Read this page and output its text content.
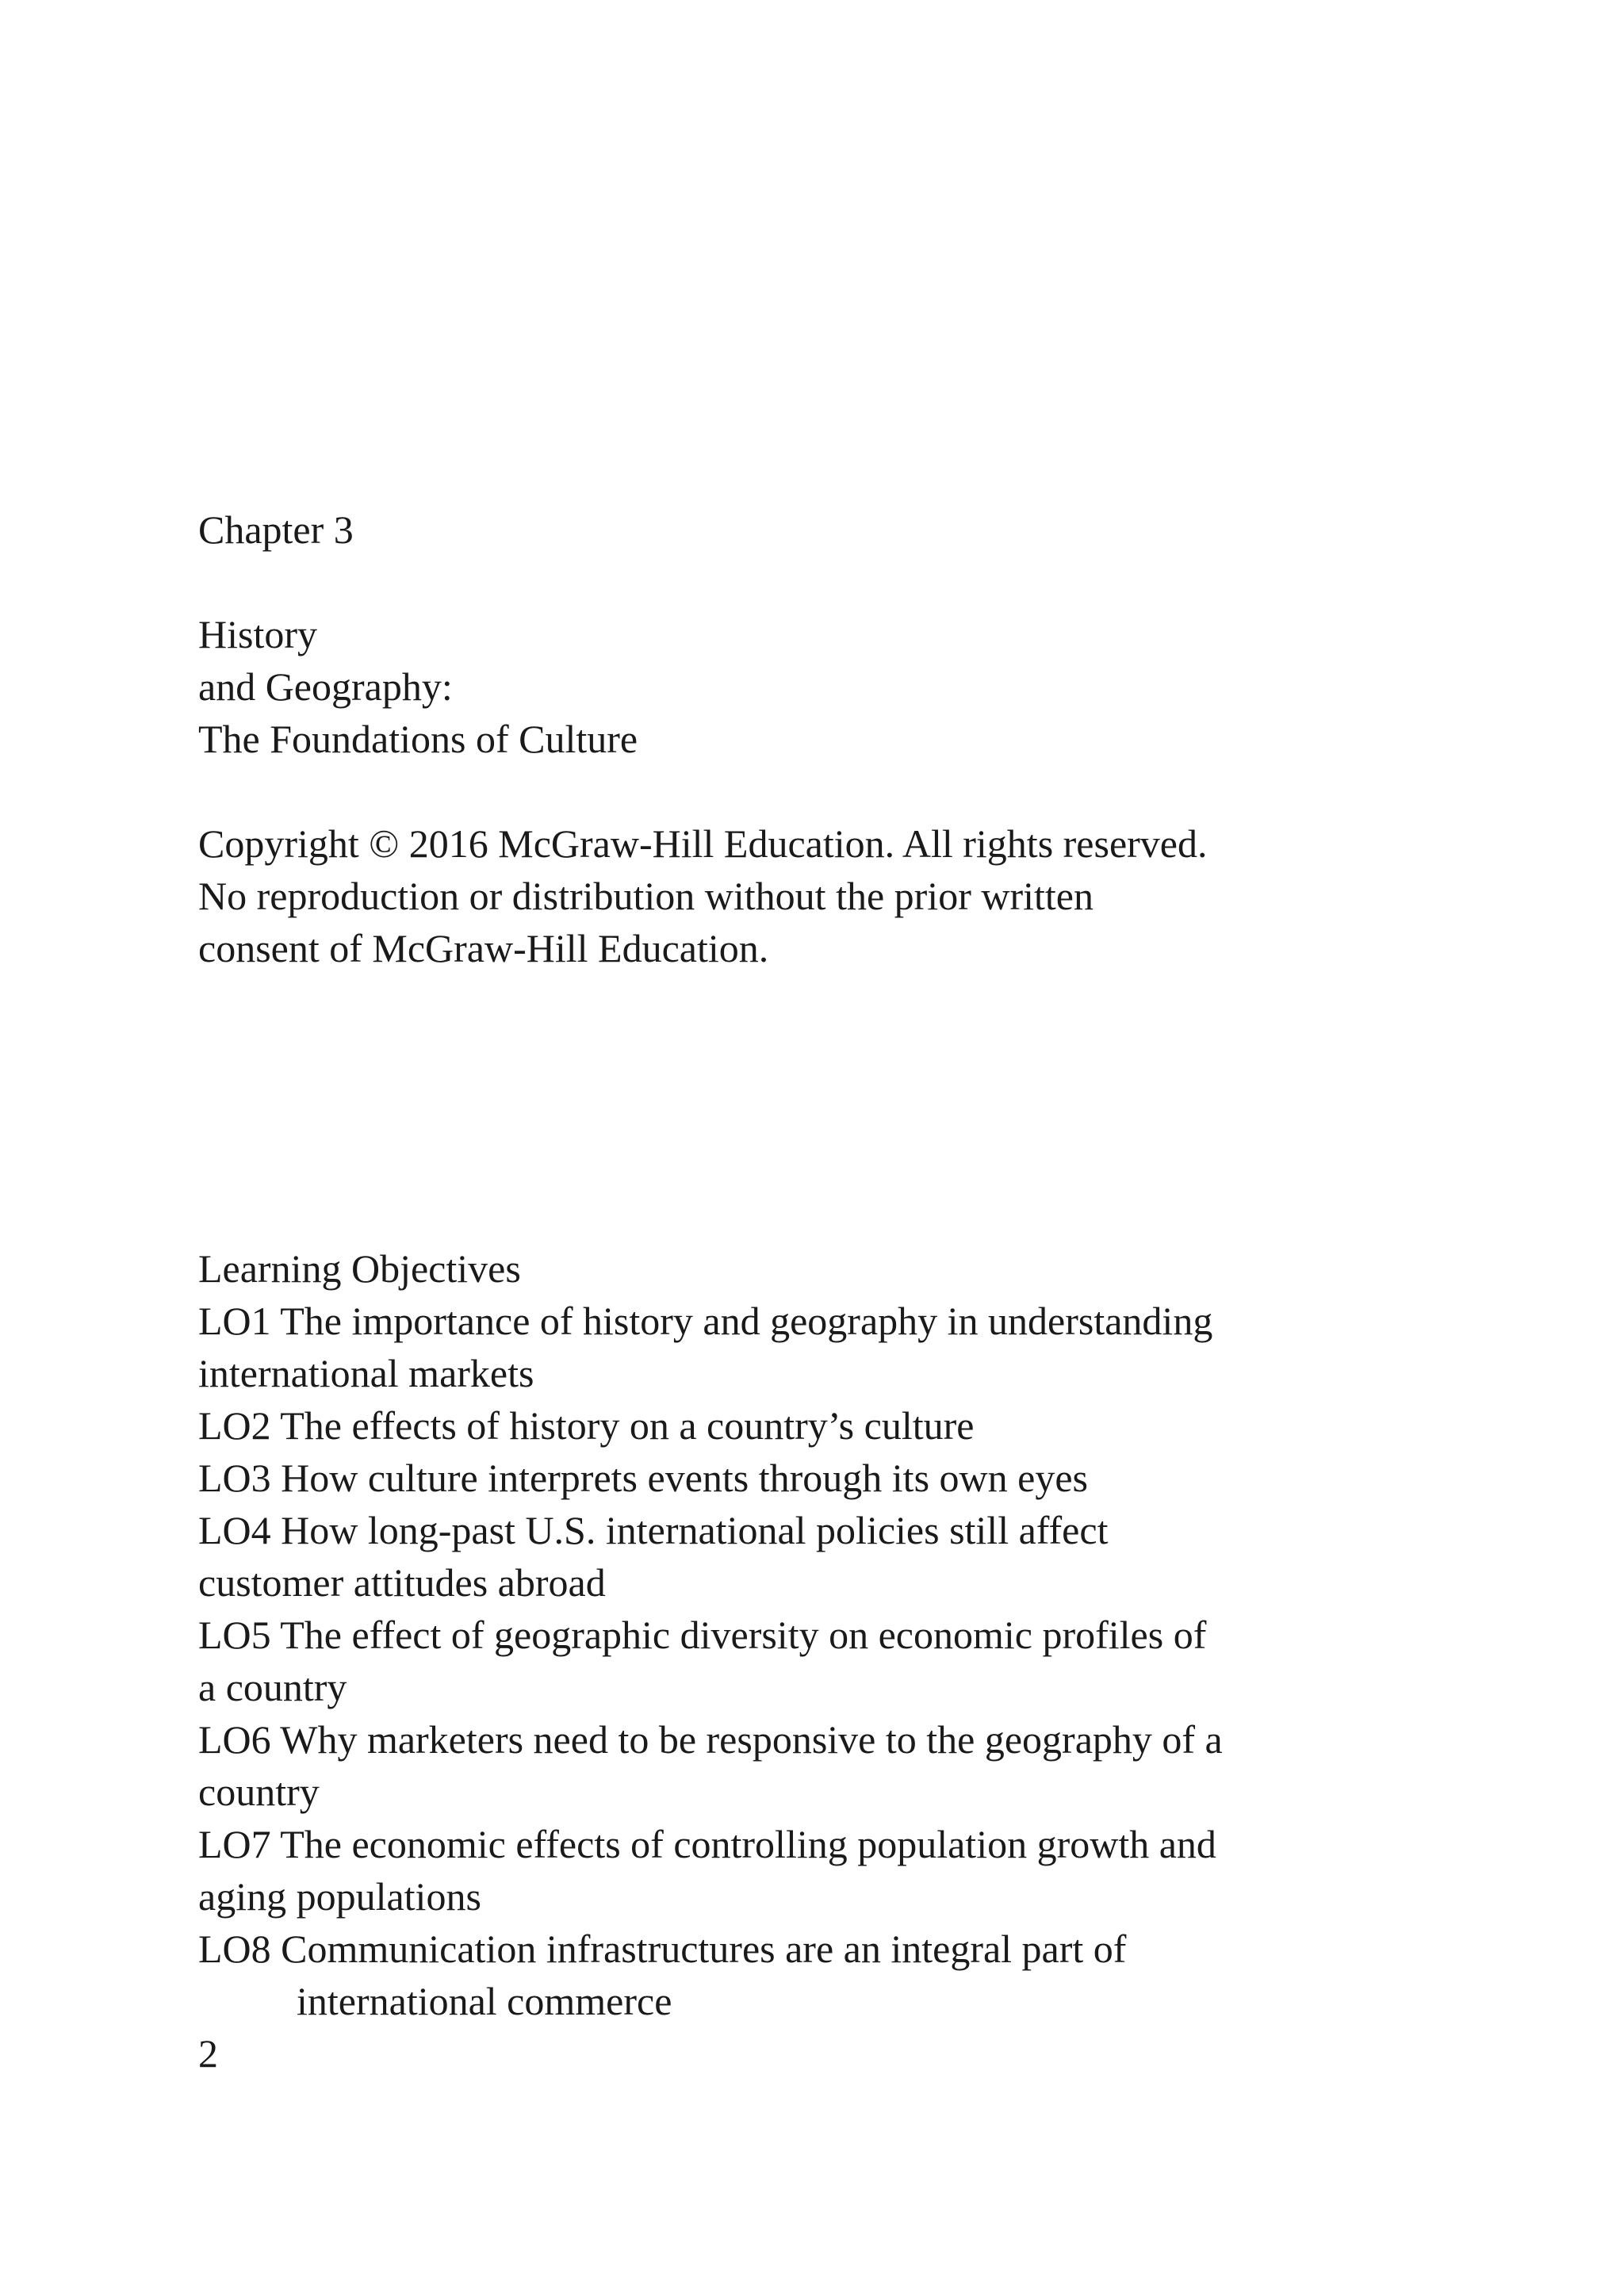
Chapter 3

History

and Geography:

The Foundations of Culture

Copyright © 2016 McGraw-Hill Education. All rights reserved.

No reproduction or distribution without the prior written

consent of McGraw-Hill Education.

Learning Objectives

LO1 The importance of history and geography in understanding

international markets

LO2 The effects of history on a country’s culture

LO3 How culture interprets events through its own eyes

LO4 How long-past U.S. international policies still affect

customer attitudes abroad

LO5 The effect of geographic diversity on economic profiles of

a country

LO6 Why marketers need to be responsive to the geography of a

country

LO7 The economic effects of controlling population growth and

aging populations

LO8 Communication infrastructures are an integral part of

international commerce

2
